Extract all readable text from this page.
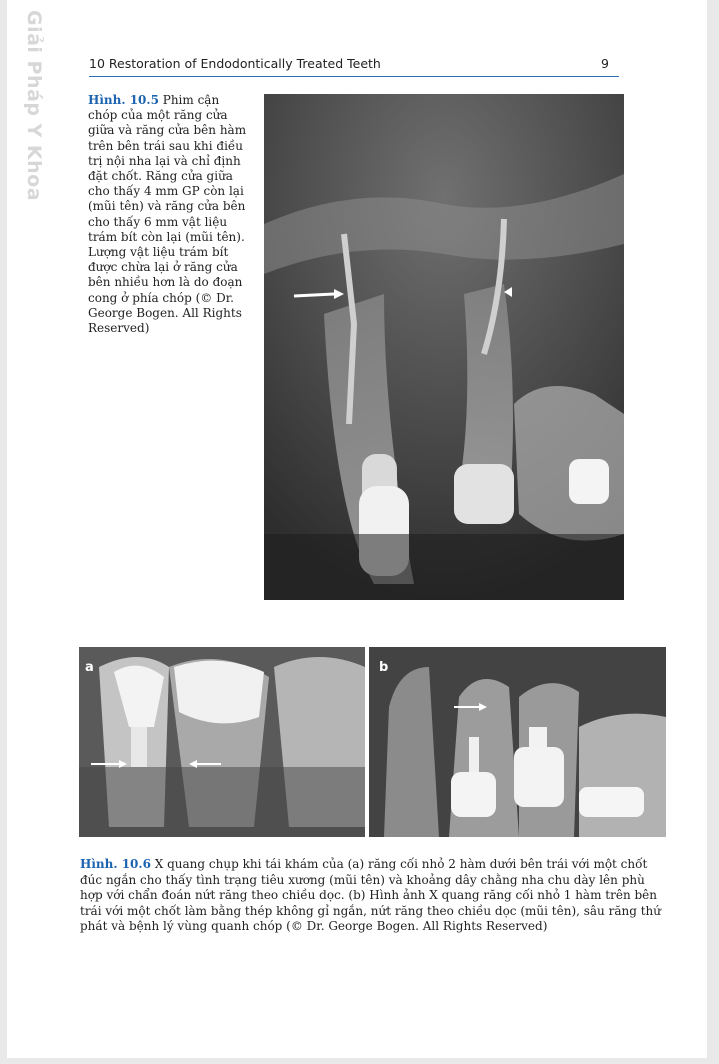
Giải Pháp Y Khoa	10 Restoration of Endodontically Treated Teeth	9
Hình. 10.5 Phim cận chóp của một răng cửa giữa và răng cửa bên hàm trên bên trái sau khi điều trị nội nha lại và chỉ định đặt chốt. Răng cửa giữa cho thấy 4 mm GP còn lại (mũi tên) và răng cửa bên cho thấy 6 mm vật liệu trám bít còn lại (mũi tên). Lượng vật liệu trám bít được chừa lại ở răng cửa bên nhiều hơn là do đoạn cong ở phía chóp (© Dr. George Bogen. All Rights Reserved)
a	b
Hình. 10.6 X quang chụp khi tái khám của (a) răng cối nhỏ 2 hàm dưới bên trái với một chốt đúc ngắn cho thấy tình trạng tiêu xương (mũi tên) và khoảng dây chằng nha chu dày lên phù hợp với chẩn đoán nứt răng theo chiều dọc. (b) Hình ảnh X quang răng cối nhỏ 1 hàm trên bên trái với một chốt làm bằng thép không gỉ ngắn, nứt răng theo chiều dọc (mũi tên), sâu răng thứ phát và bệnh lý vùng quanh chóp (© Dr. George Bogen. All Rights Reserved)
